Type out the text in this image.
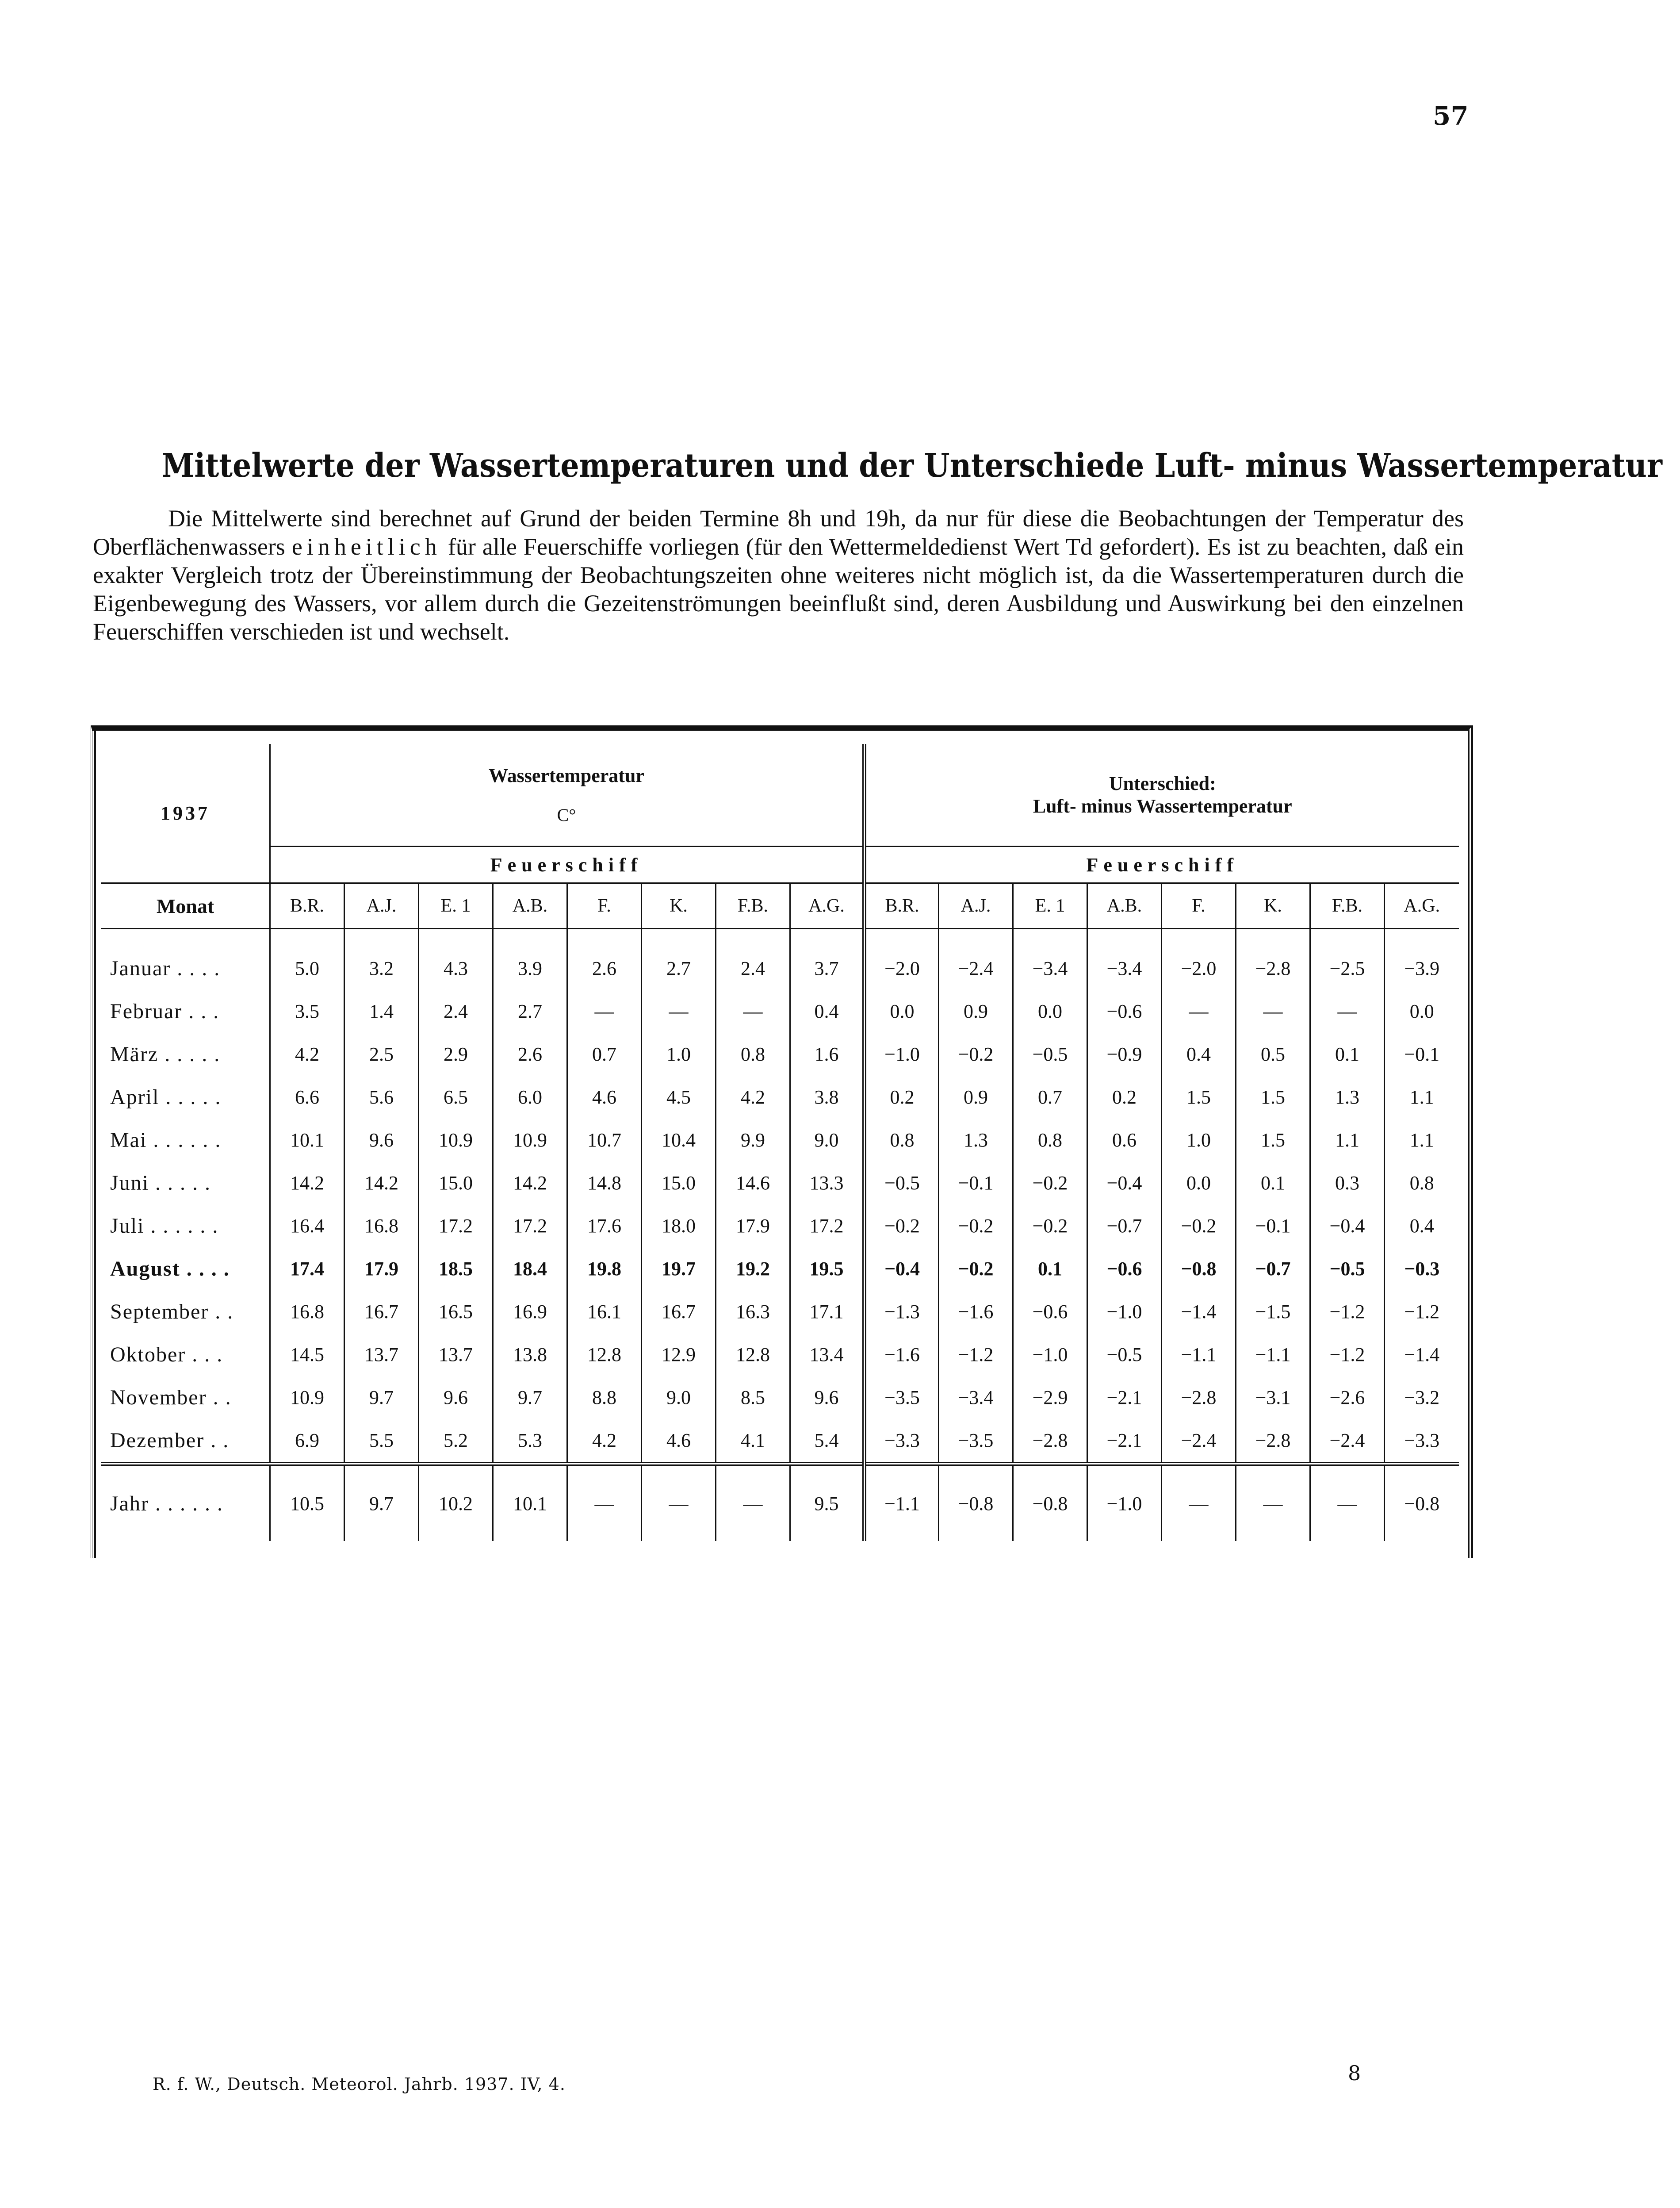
57
Mittelwerte der Wassertemperaturen und der Unterschiede Luft- minus Wassertemperatur

Die Mittelwerte sind berechnet auf Grund der beiden Termine 8h und 19h, da nur für diese die Beobachtungen der Temperatur des Oberflächenwassers einheitlich für alle Feuerschiffe vorliegen (für den Wettermeldedienst Wert Td gefordert). Es ist zu beachten, daß ein exakter Vergleich trotz der Übereinstimmung der Beobachtungszeiten ohne weiteres nicht möglich ist, da die Wassertemperaturen durch die Eigenbewegung des Wassers, vor allem durch die Gezeitenströmungen beeinflußt sind, deren Ausbildung und Auswirkung bei den einzelnen Feuerschiffen verschieden ist und wechselt.

1937	Wassertemperatur
C°								Unterschied:
Luft- minus Wassertemperatur							
	Feuerschiff								Feuerschiff							
Monat	B.R.	A.J.	E. 1	A.B.	F.	K.	F.B.	A.G.	B.R.	A.J.	E. 1	A.B.	F.	K.	F.B.	A.G.
Januar . . . .	5.0	3.2	4.3	3.9	2.6	2.7	2.4	3.7	−2.0	−2.4	−3.4	−3.4	−2.0	−2.8	−2.5	−3.9
Februar . . .	3.5	1.4	2.4	2.7	—	—	—	0.4	0.0	0.9	0.0	−0.6	—	—	—	0.0
März . . . . .	4.2	2.5	2.9	2.6	0.7	1.0	0.8	1.6	−1.0	−0.2	−0.5	−0.9	0.4	0.5	0.1	−0.1
April . . . . .	6.6	5.6	6.5	6.0	4.6	4.5	4.2	3.8	0.2	0.9	0.7	0.2	1.5	1.5	1.3	1.1
Mai . . . . . .	10.1	9.6	10.9	10.9	10.7	10.4	9.9	9.0	0.8	1.3	0.8	0.6	1.0	1.5	1.1	1.1
Juni . . . . .	14.2	14.2	15.0	14.2	14.8	15.0	14.6	13.3	−0.5	−0.1	−0.2	−0.4	0.0	0.1	0.3	0.8
Juli . . . . . .	16.4	16.8	17.2	17.2	17.6	18.0	17.9	17.2	−0.2	−0.2	−0.2	−0.7	−0.2	−0.1	−0.4	0.4
August . . . .	17.4	17.9	18.5	18.4	19.8	19.7	19.2	19.5	−0.4	−0.2	0.1	−0.6	−0.8	−0.7	−0.5	−0.3
September . .	16.8	16.7	16.5	16.9	16.1	16.7	16.3	17.1	−1.3	−1.6	−0.6	−1.0	−1.4	−1.5	−1.2	−1.2
Oktober . . .	14.5	13.7	13.7	13.8	12.8	12.9	12.8	13.4	−1.6	−1.2	−1.0	−0.5	−1.1	−1.1	−1.2	−1.4
November . .	10.9	9.7	9.6	9.7	8.8	9.0	8.5	9.6	−3.5	−3.4	−2.9	−2.1	−2.8	−3.1	−2.6	−3.2
Dezember . .	6.9	5.5	5.2	5.3	4.2	4.6	4.1	5.4	−3.3	−3.5	−2.8	−2.1	−2.4	−2.8	−2.4	−3.3
Jahr . . . . . .	10.5	9.7	10.2	10.1	—	—	—	9.5	−1.1	−0.8	−0.8	−1.0	—	—	—	−0.8
R. f. W., Deutsch. Meteorol. Jahrb. 1937. IV, 4.	8
